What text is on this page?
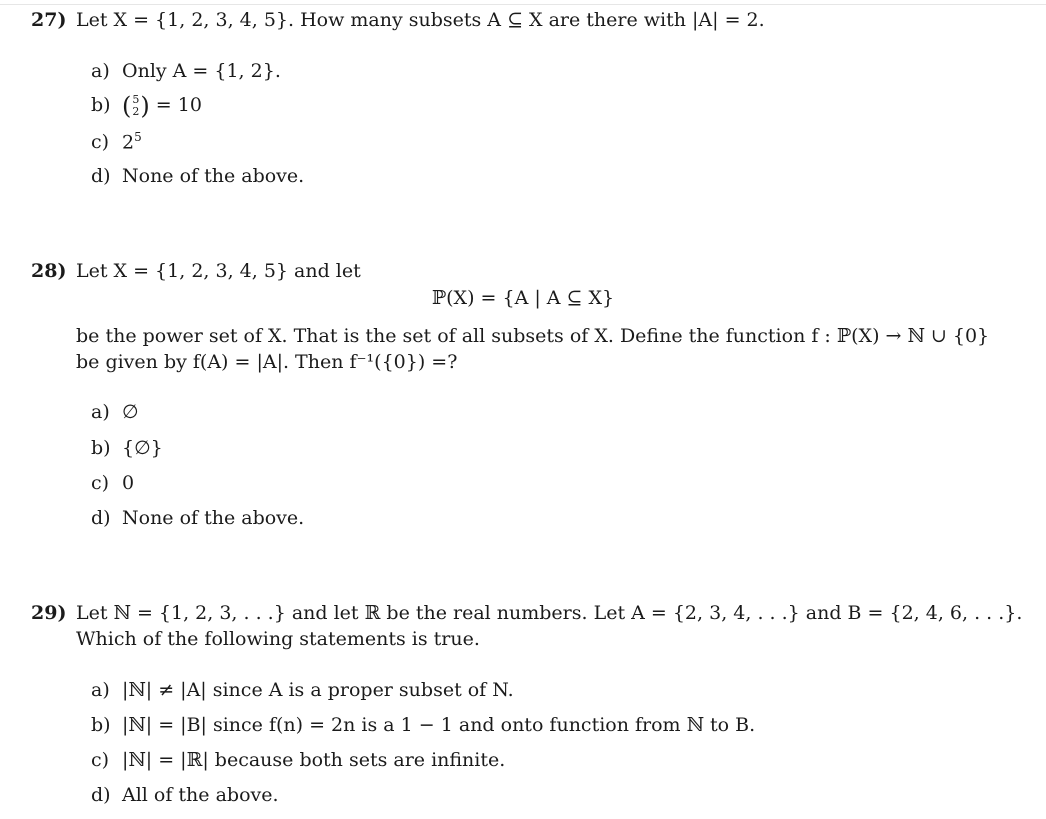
27) Let X = {1, 2, 3, 4, 5}. How many subsets A ⊆ X are there with |A| = 2.
a) Only A = {1, 2}.
b) ( 5
2 ) = 10
c) $2^5$
d) None of the above.
28) Let X = {1, 2, 3, 4, 5} and let
ℙ(X) = {A | A ⊆ X}
be the power set of X. That is the set of all subsets of X. Define the function f : ℙ(X) → ℕ ∪ {0}
be given by f(A) = |A|. Then f⁻¹({0}) =?
a) ∅
b) {∅}
c) 0
d) None of the above.
29) Let ℕ = {1, 2, 3, . . .} and let ℝ be the real numbers. Let A = {2, 3, 4, . . .} and B = {2, 4, 6, . . .}.
Which of the following statements is true.
a) |ℕ| ≠ |A| since A is a proper subset of N.
b) |ℕ| = |B| since f(n) = 2n is a 1 − 1 and onto function from ℕ to B.
c) |ℕ| = |ℝ| because both sets are infinite.
d) All of the above.
